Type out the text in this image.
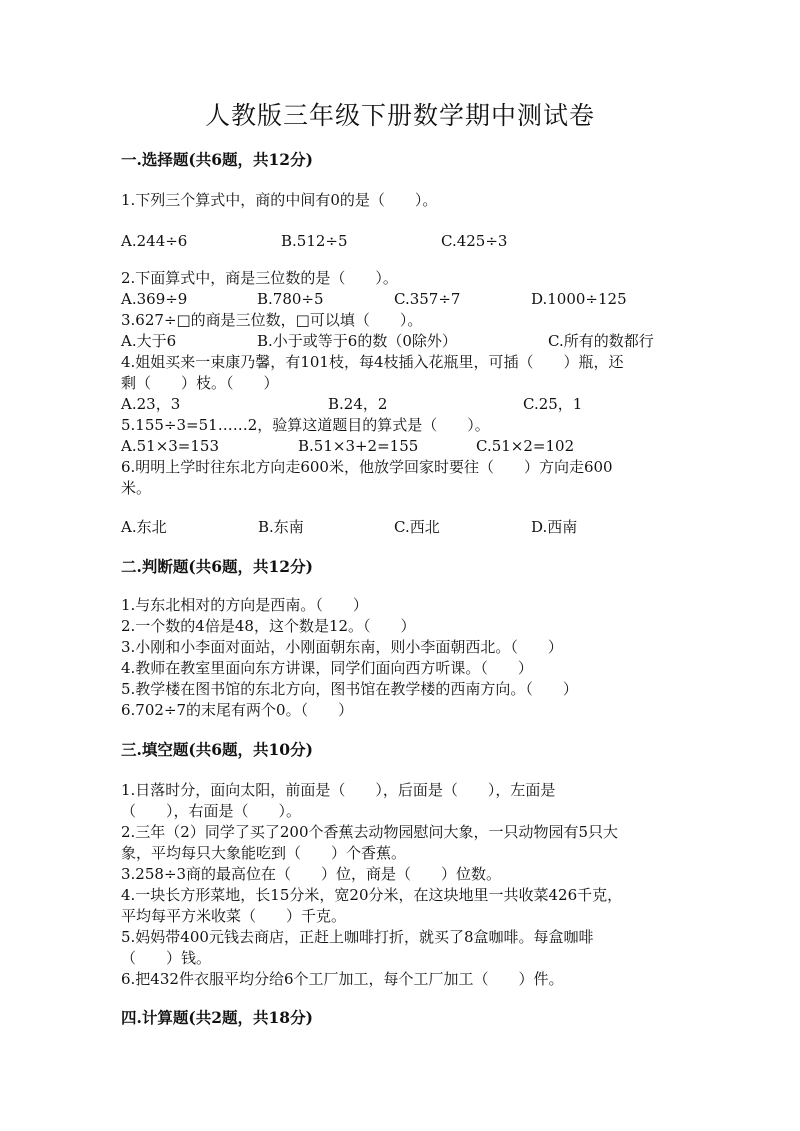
人教版三年级下册数学期中测试卷
一.选择题(共6题，共12分)
1.下列三个算式中，商的中间有0的是（　　）。
A.244÷6	B.512÷5	C.425÷3
2.下面算式中，商是三位数的是（　　）。
A.369÷9	B.780÷5	C.357÷7	D.1000÷125
3.627÷□的商是三位数，□可以填（　　）。
A.大于6	B.小于或等于6的数（0除外）	C.所有的数都行
4.姐姐买来一束康乃馨，有101枝，每4枝插入花瓶里，可插（　　）瓶，还
剩（　　）枝。（　　）
A.23，3	B.24，2	C.25，1
5.155÷3=51……2，验算这道题目的算式是（　　）。
A.51×3=153	B.51×3+2=155	C.51×2=102
6.明明上学时往东北方向走600米，他放学回家时要往（　　）方向走600
米。
A.东北	B.东南	C.西北	D.西南
二.判断题(共6题，共12分)
1.与东北相对的方向是西南。（　　）
2.一个数的4倍是48，这个数是12。（　　）
3.小刚和小李面对面站，小刚面朝东南，则小李面朝西北。（　　）
4.教师在教室里面向东方讲课，同学们面向西方听课。（　　）
5.教学楼在图书馆的东北方向，图书馆在教学楼的西南方向。（　　）
6.702÷7的末尾有两个0。（　　）
三.填空题(共6题，共10分)
1.日落时分，面向太阳，前面是（　　），后面是（　　），左面是
（　　），右面是（　　）。
2.三年（2）同学了买了200个香蕉去动物园慰问大象，一只动物园有5只大
象，平均每只大象能吃到（　　）个香蕉。
3.258÷3商的最高位在（　　）位，商是（　　）位数。
4.一块长方形菜地，长15分米，宽20分米，在这块地里一共收菜426千克，
平均每平方米收菜（　　）千克。
5.妈妈带400元钱去商店，正赶上咖啡打折，就买了8盒咖啡。每盒咖啡
（　　）钱。
6.把432件衣服平均分给6个工厂加工，每个工厂加工（　　）件。
四.计算题(共2题，共18分)
